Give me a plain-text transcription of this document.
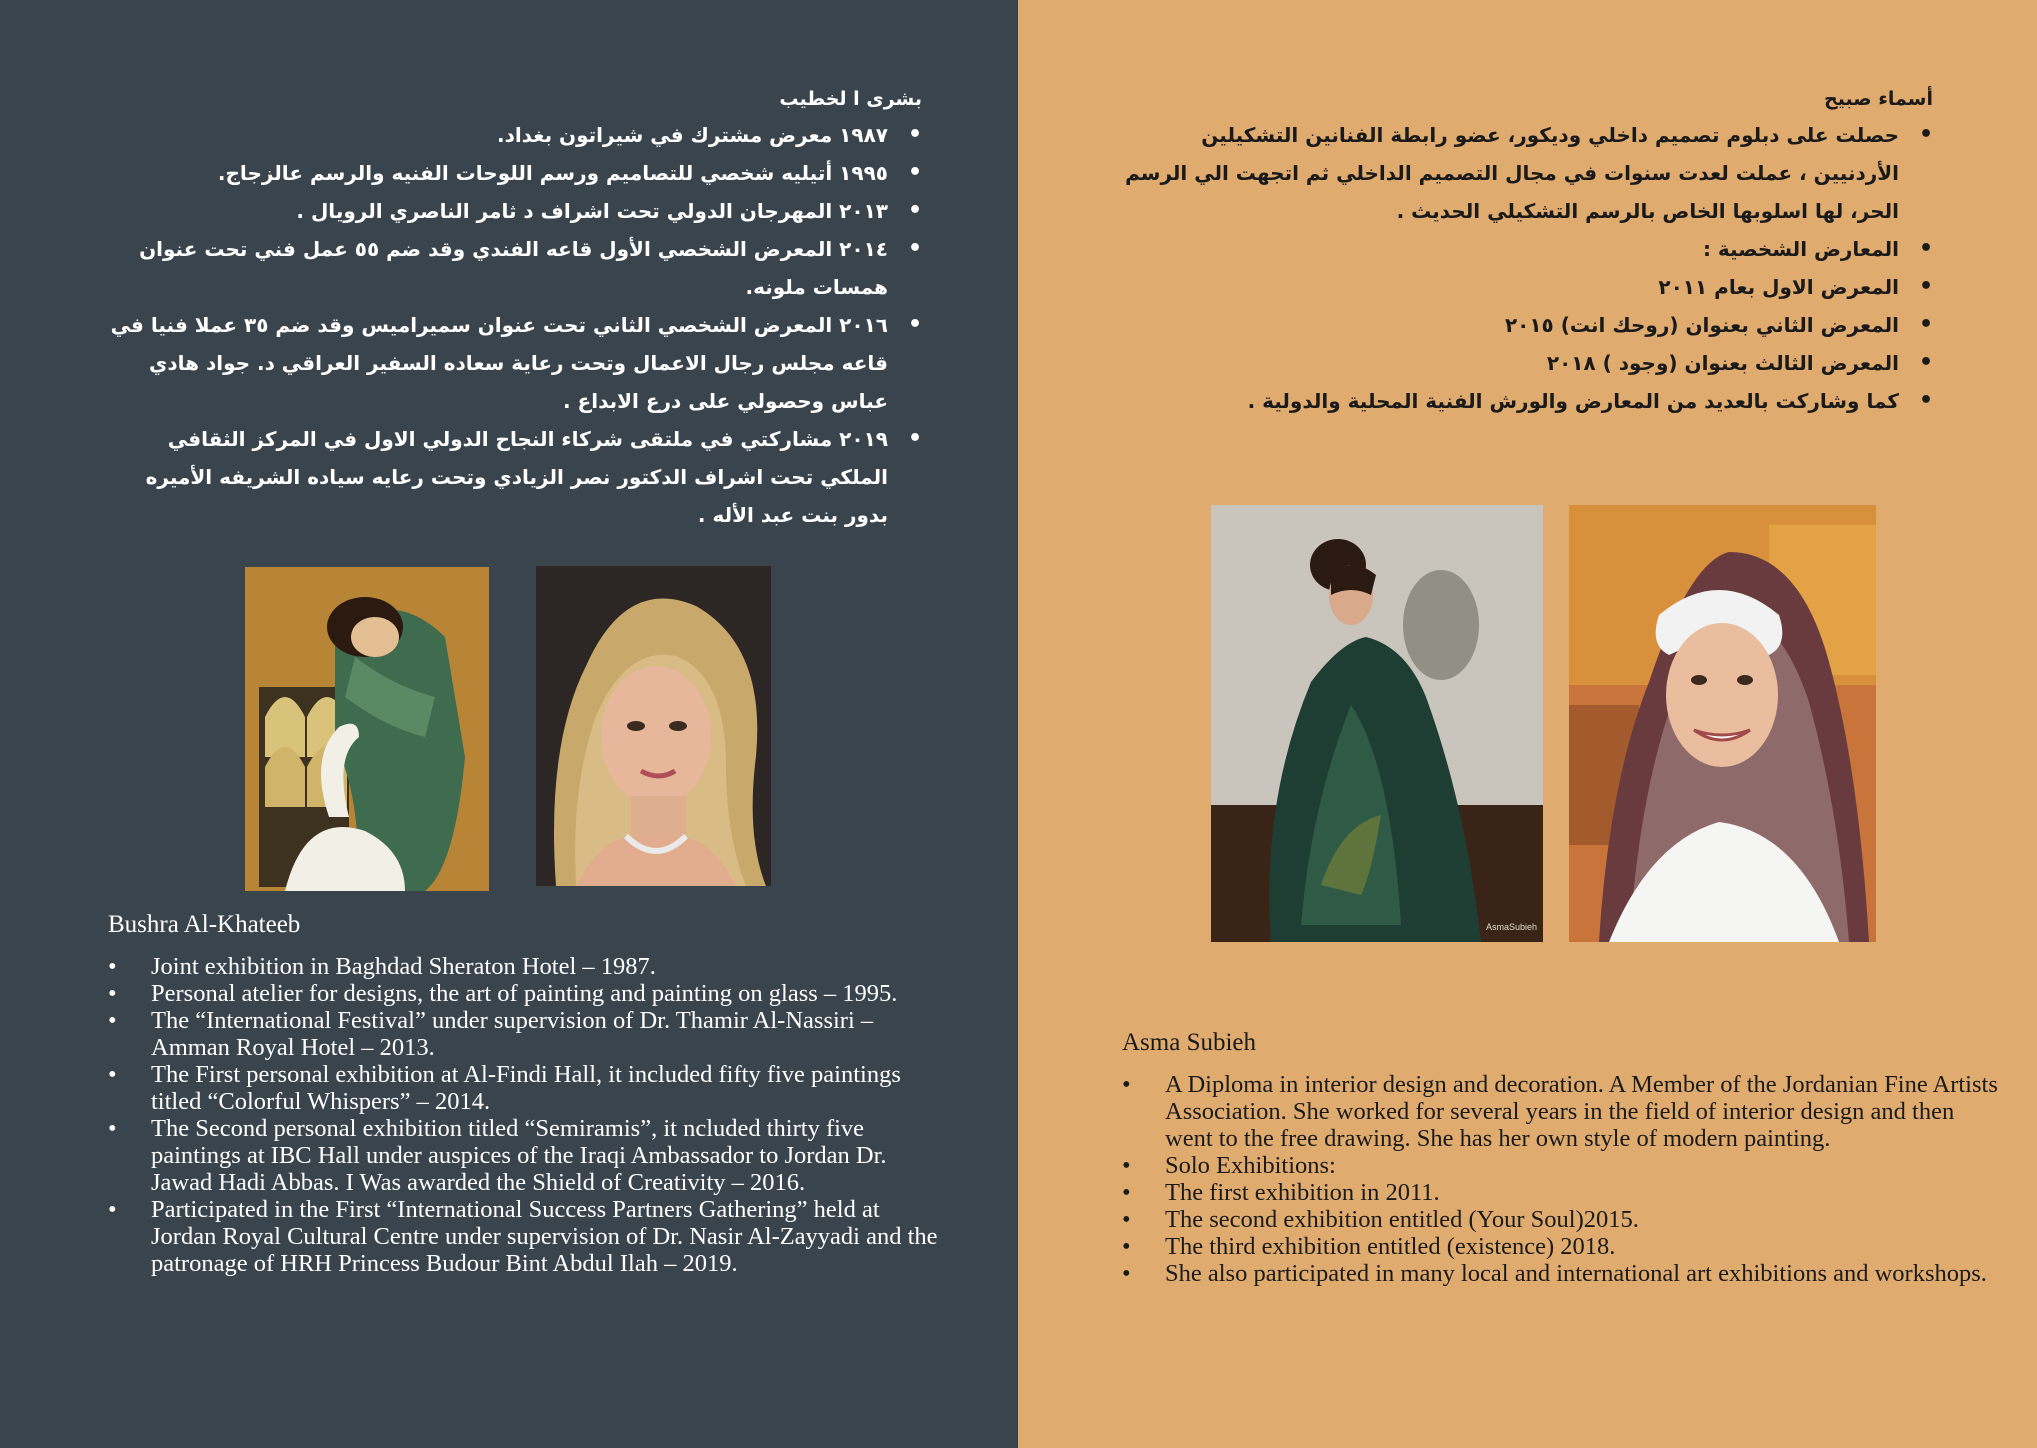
بشرى ا لخطيب
• ١٩٨٧ معرض مشترك في شيراتون بغداد.
• ١٩٩٥ أتيليه شخصي للتصاميم ورسم اللوحات الفنيه والرسم عالزجاج.
• ٢٠١٣ المهرجان الدولي تحت اشراف د ثامر الناصري الرويال .
• ٢٠١٤ المعرض الشخصي الأول قاعه الفندي وقد ضم ٥٥ عمل فني تحت عنوان همسات ملونه.
• ٢٠١٦ المعرض الشخصي الثاني تحت عنوان سميراميس وقد ضم ٣٥ عملا فنيا في قاعه مجلس رجال الاعمال وتحت رعاية سعاده السفير العراقي د. جواد هادي عباس وحصولي على درع الابداع .
• ٢٠١٩ مشاركتي في ملتقى شركاء النجاح الدولي الاول في المركز الثقافي الملكي تحت اشراف الدكتور نصر الزيادي وتحت رعايه سياده الشريفه الأميره بدور بنت عبد الأله .
Bushra Al-Khateeb
• Joint exhibition in Baghdad Sheraton Hotel – 1987.
• Personal atelier for designs, the art of painting and painting on glass – 1995.
• The “International Festival” under supervision of Dr. Thamir Al-Nassiri – Amman Royal Hotel – 2013.
• The First personal exhibition at Al-Findi Hall, it included fifty five paintings titled “Colorful Whispers” – 2014.
• The Second personal exhibition titled “Semiramis”, it ncluded thirty five paintings at IBC Hall under auspices of the Iraqi Ambassador to Jordan Dr. Jawad Hadi Abbas. I Was awarded the Shield of Creativity – 2016.
• Participated in the First “International Success Partners Gathering” held at Jordan Royal Cultural Centre under supervision of Dr. Nasir Al-Zayyadi and the patronage of HRH Princess Budour Bint Abdul Ilah – 2019.
أسماء صبيح
• حصلت على دبلوم تصميم داخلي وديكور، عضو رابطة الفنانين التشكيلين الأردنيين ، عملت لعدت سنوات في مجال التصميم الداخلي ثم اتجهت الي الرسم الحر، لها اسلوبها الخاص بالرسم التشكيلي الحديث .
• المعارض الشخصية :
• المعرض الاول بعام ٢٠١١
• المعرض الثاني بعنوان (روحك انت) ٢٠١٥
• المعرض الثالث بعنوان (وجود ) ٢٠١٨
• كما وشاركت بالعديد من المعارض والورش الفنية المحلية والدولية .
AsmaSubieh
Asma Subieh
• A Diploma in interior design and decoration. A Member of the Jordanian Fine Artists Association. She worked for several years in the field of interior design and then went to the free drawing. She has her own style of modern painting.
• Solo Exhibitions:
• The first exhibition in 2011.
• The second exhibition entitled (Your Soul)2015.
• The third exhibition entitled (existence) 2018.
• She also participated in many local and international art exhibitions and workshops.
